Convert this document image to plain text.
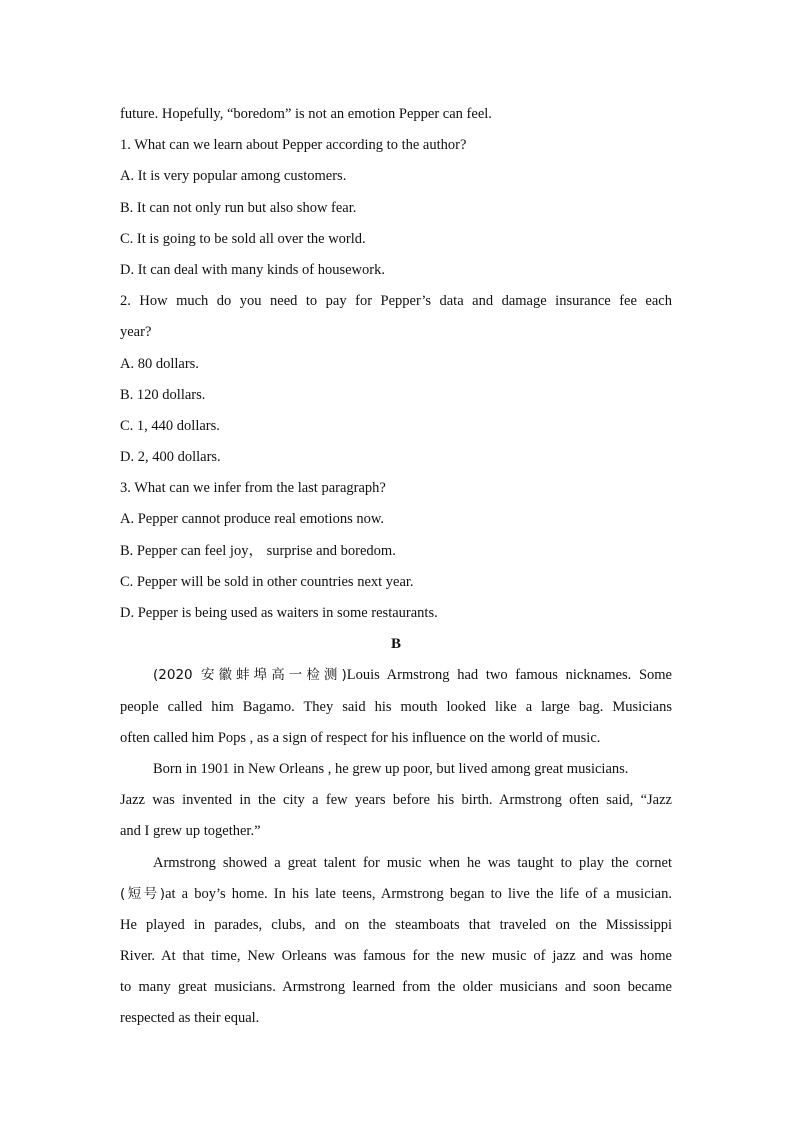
future. Hopefully, “boredom” is not an emotion Pepper can feel.

1. What can we learn about Pepper according to the author?

A. It is very popular among customers.

B. It can not only run but also show fear.

C. It is going to be sold all over the world.

D. It can deal with many kinds of housework.

2. How much do you need to pay for Pepper’s data and damage insurance fee each

year?

A. 80 dollars.

B. 120 dollars.

C. 1, 440 dollars.

D. 2, 400 dollars.

3. What can we infer from the last paragraph?

A. Pepper cannot produce real emotions now.

B. Pepper can feel joy， surprise and boredom.

C. Pepper will be sold in other countries next year.

D. Pepper is being used as waiters in some restaurants.

B

(2020 安徽蚌埠高一检测)Louis Armstrong had two famous nicknames. Some

people called him Bagamo. They said his mouth looked like a large bag. Musicians

often called him Pops , as a sign of respect for his influence on the world of music.

Born in 1901 in New Orleans , he grew up poor, but lived among great musicians.

Jazz was invented in the city a few years before his birth. Armstrong often said, “Jazz

and I grew up together.”

Armstrong showed a great talent for music when he was taught to play the cornet

(短号)at a boy’s home. In his late teens, Armstrong began to live the life of a musician.

He played in parades, clubs, and on the steamboats that traveled on the Mississippi

River. At that time, New Orleans was famous for the new music of jazz and was home

to many great musicians. Armstrong learned from the older musicians and soon became

respected as their equal.
